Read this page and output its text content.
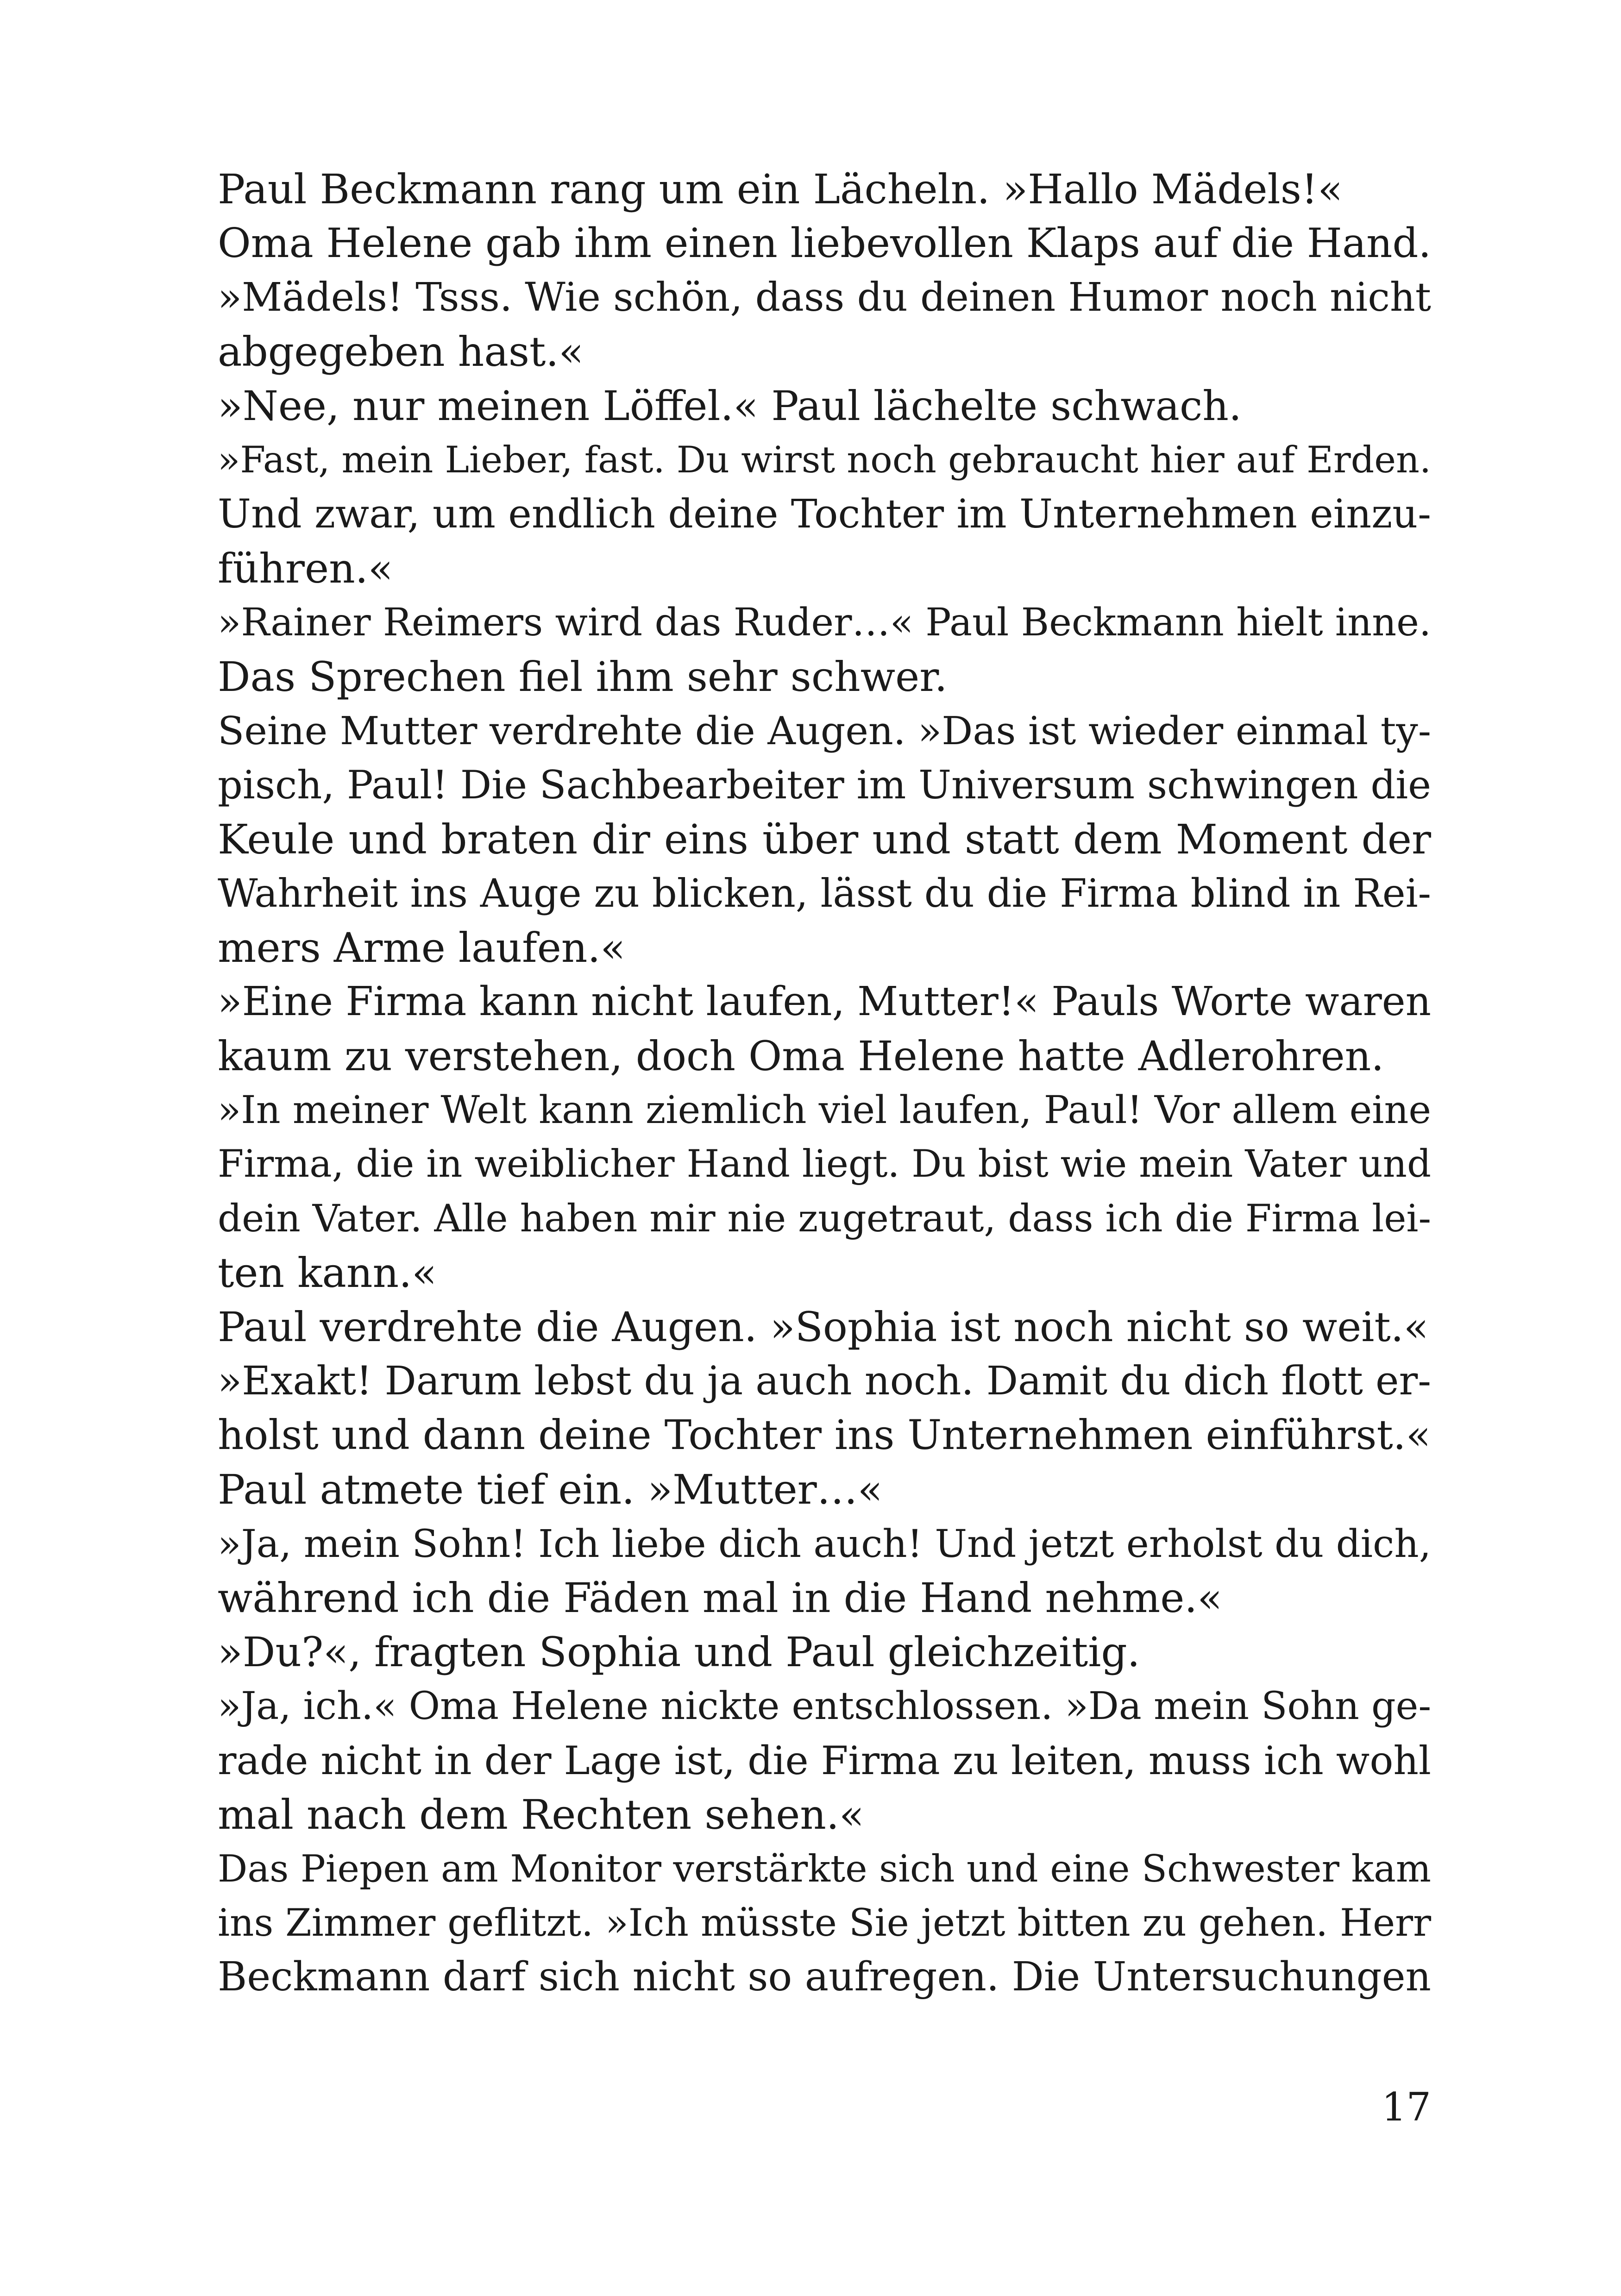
Paul Beckmann rang um ein Lächeln. »Hallo Mädels!«
Oma Helene gab ihm einen liebevollen Klaps auf die Hand.
»Mädels! Tsss. Wie schön, dass du deinen Humor noch nicht
abgegeben hast.«
»Nee, nur meinen Löffel.« Paul lächelte schwach.
»Fast, mein Lieber, fast. Du wirst noch gebraucht hier auf Erden.
Und zwar, um endlich deine Tochter im Unternehmen einzu-
führen.«
»Rainer Reimers wird das Ruder…« Paul Beckmann hielt inne.
Das Sprechen fiel ihm sehr schwer.
Seine Mutter verdrehte die Augen. »Das ist wieder einmal ty-
pisch, Paul! Die Sachbearbeiter im Universum schwingen die
Keule und braten dir eins über und statt dem Moment der
Wahrheit ins Auge zu blicken, lässt du die Firma blind in Rei-
mers Arme laufen.«
»Eine Firma kann nicht laufen, Mutter!« Pauls Worte waren
kaum zu verstehen, doch Oma Helene hatte Adlerohren.
»In meiner Welt kann ziemlich viel laufen, Paul! Vor allem eine
Firma, die in weiblicher Hand liegt. Du bist wie mein Vater und
dein Vater. Alle haben mir nie zugetraut, dass ich die Firma lei-
ten kann.«
Paul verdrehte die Augen. »Sophia ist noch nicht so weit.«
»Exakt! Darum lebst du ja auch noch. Damit du dich flott er-
holst und dann deine Tochter ins Unternehmen einführst.«
Paul atmete tief ein. »Mutter…«
»Ja, mein Sohn! Ich liebe dich auch! Und jetzt erholst du dich,
während ich die Fäden mal in die Hand nehme.«
»Du?«, fragten Sophia und Paul gleichzeitig.
»Ja, ich.« Oma Helene nickte entschlossen. »Da mein Sohn ge-
rade nicht in der Lage ist, die Firma zu leiten, muss ich wohl
mal nach dem Rechten sehen.«
Das Piepen am Monitor verstärkte sich und eine Schwester kam
ins Zimmer geflitzt. »Ich müsste Sie jetzt bitten zu gehen. Herr
Beckmann darf sich nicht so aufregen. Die Untersuchungen
17
